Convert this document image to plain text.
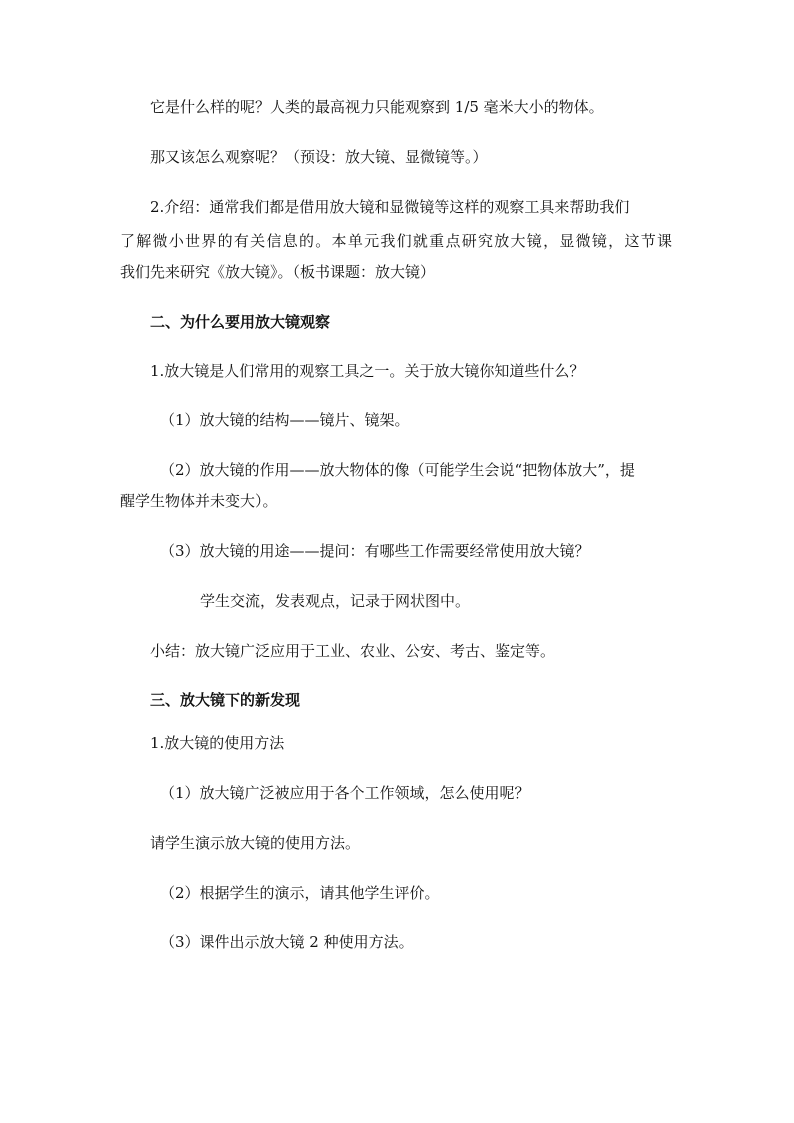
它是什么样的呢？人类的最高视力只能观察到 1/5 毫米大小的物体。
那又该怎么观察呢？（预设：放大镜、显微镜等。）
2.介绍：通常我们都是借用放大镜和显微镜等这样的观察工具来帮助我们
了解微小世界的有关信息的。本单元我们就重点研究放大镜，显微镜，这节课
我们先来研究《放大镜》。（板书课题：放大镜）
二、为什么要用放大镜观察
1.放大镜是人们常用的观察工具之一。关于放大镜你知道些什么？
（1）放大镜的结构——镜片、镜架。
（2）放大镜的作用——放大物体的像（可能学生会说“把物体放大”，提
醒学生物体并未变大）。
（3）放大镜的用途——提问：有哪些工作需要经常使用放大镜？
学生交流，发表观点，记录于网状图中。
小结：放大镜广泛应用于工业、农业、公安、考古、鉴定等。
三、放大镜下的新发现
1.放大镜的使用方法
（1）放大镜广泛被应用于各个工作领域，怎么使用呢？
请学生演示放大镜的使用方法。
（2）根据学生的演示，请其他学生评价。
（3）课件出示放大镜 2 种使用方法。
